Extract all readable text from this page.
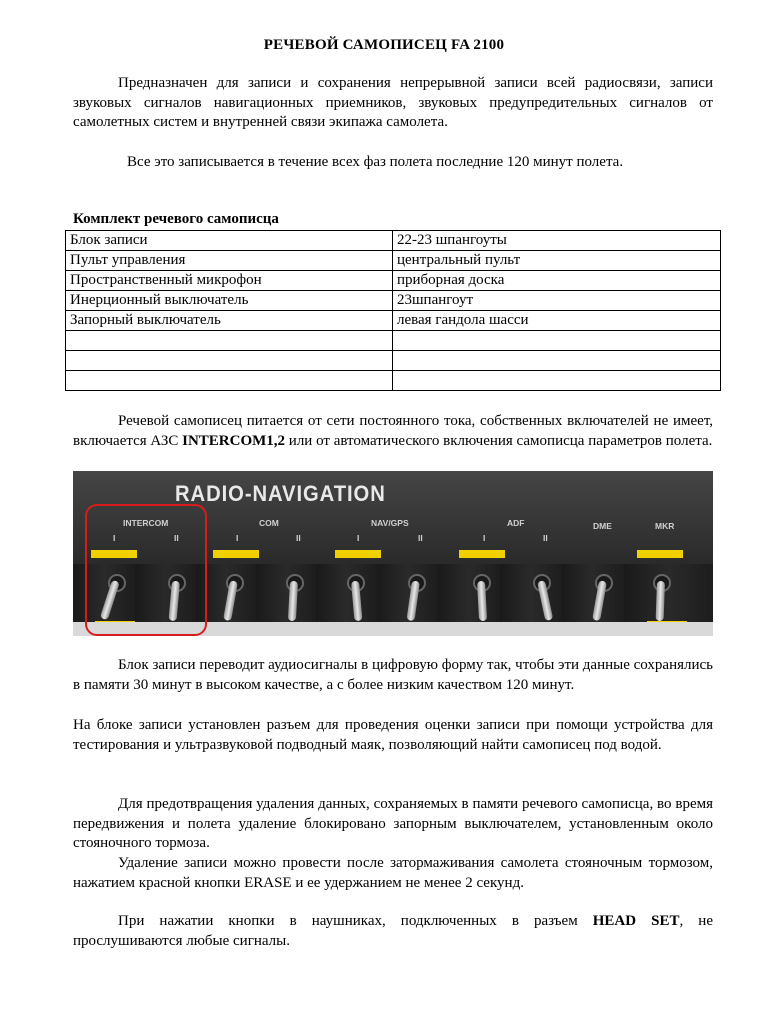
РЕЧЕВОЙ САМОПИСЕЦ FA 2100
Предназначен для записи и сохранения непрерывной записи всей радиосвязи, записи звуковых сигналов навигационных приемников, звуковых предупредительных сигналов от самолетных систем и внутренней связи экипажа самолета.
Все это записывается в течение всех фаз полета последние 120 минут полета.
Комплект речевого самописца
Блок записи	22-23 шпангоуты
Пульт управления	центральный пульт
Пространственный микрофон	приборная доска
Инерционный выключатель	23шпангоут
Запорный выключатель	левая гандола шасси

Речевой самописец питается от сети постоянного тока, собственных включателей не имеет, включается АЗС INTERCOM1,2 или от автоматического включения самописца параметров полета.
RADIO-NAVIGATION
INTERCOM	COM	NAV/GPS	ADF	DME	MKR
I	II	I	II	I	II	I	II
Блок записи переводит аудиосигналы в цифровую форму так, чтобы эти данные сохранялись в памяти 30 минут в высоком качестве, а с более низким качеством 120 минут.
На блоке записи установлен разъем для проведения оценки записи при помощи устройства для тестирования и ультразвуковой подводный маяк, позволяющий найти самописец под водой.
Для предотвращения удаления данных, сохраняемых в памяти речевого самописца, во время передвижения и полета удаление блокировано запорным выключателем, установленным около стояночного тормоза.
Удаление записи можно провести после затормаживания самолета стояночным тормозом, нажатием красной кнопки ERASE и ее удержанием не менее 2 секунд.
При нажатии кнопки в наушниках, подключенных в разъем HEAD SET, не прослушиваются любые сигналы.
